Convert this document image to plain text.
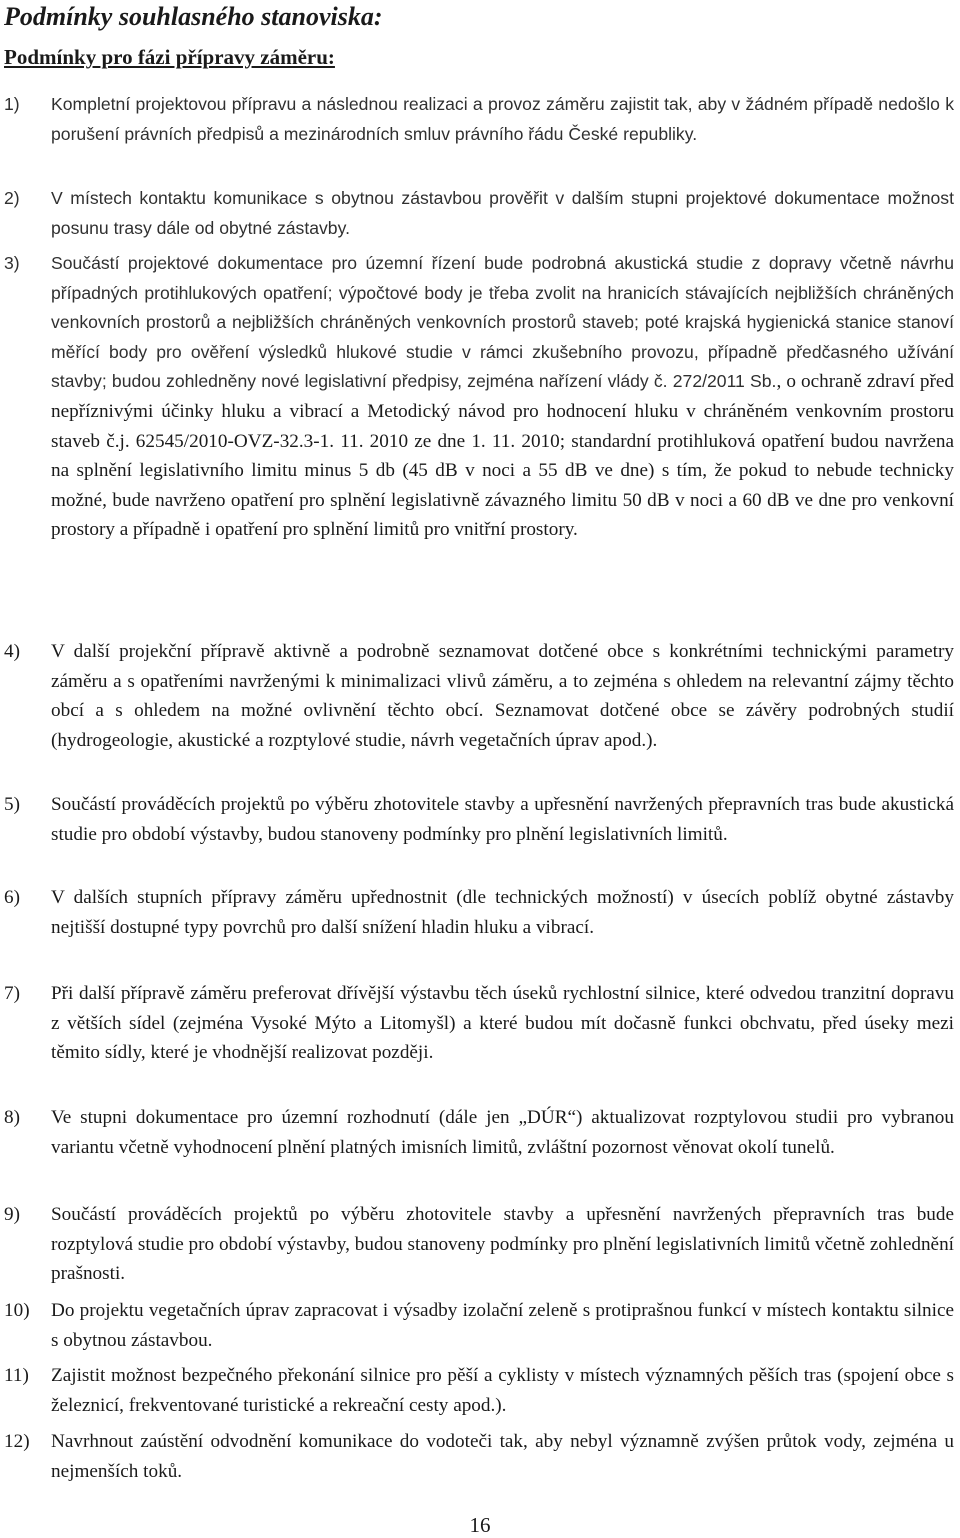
Podmínky souhlasného stanoviska:
Podmínky pro fázi přípravy záměru:
1) Kompletní projektovou přípravu a následnou realizaci a provoz záměru zajistit tak, aby v žádném případě nedošlo k porušení právních předpisů a mezinárodních smluv právního řádu České republiky.
2) V místech kontaktu komunikace s obytnou zástavbou prověřit v dalším stupni projektové dokumentace možnost posunu trasy dále od obytné zástavby.
3) Součástí projektové dokumentace pro územní řízení bude podrobná akustická studie z dopravy včetně návrhu případných protihlukových opatření; výpočtové body je třeba zvolit na hranicích stávajících nejbližších chráněných venkovních prostorů a nejbližších chráněných venkovních prostorů staveb; poté krajská hygienická stanice stanoví měřící body pro ověření výsledků hlukové studie v rámci zkušebního provozu, případně předčasného užívání stavby; budou zohledněny nové legislativní předpisy, zejména nařízení vlády č. 272/2011 Sb., o ochraně zdraví před nepříznivými účinky hluku a vibrací a Metodický návod pro hodnocení hluku v chráněném venkovním prostoru staveb č.j. 62545/2010-OVZ-32.3-1. 11. 2010 ze dne 1. 11. 2010; standardní protihluková opatření budou navržena na splnění legislativního limitu minus 5 db (45 dB v noci a 55 dB ve dne) s tím, že pokud to nebude technicky možné, bude navrženo opatření pro splnění legislativně závazného limitu 50 dB v noci a 60 dB ve dne pro venkovní prostory a případně i opatření pro splnění limitů pro vnitřní prostory.
4) V další projekční přípravě aktivně a podrobně seznamovat dotčené obce s konkrétními technickými parametry záměru a s opatřeními navrženými k minimalizaci vlivů záměru, a to zejména s ohledem na relevantní zájmy těchto obcí a s ohledem na možné ovlivnění těchto obcí. Seznamovat dotčené obce se závěry podrobných studií (hydrogeologie, akustické a rozptylové studie, návrh vegetačních úprav apod.).
5) Součástí prováděcích projektů po výběru zhotovitele stavby a upřesnění navržených přepravních tras bude akustická studie pro období výstavby, budou stanoveny podmínky pro plnění legislativních limitů.
6) V dalších stupních přípravy záměru upřednostnit (dle technických možností) v úsecích poblíž obytné zástavby nejtišší dostupné typy povrchů pro další snížení hladin hluku a vibrací.
7) Při další přípravě záměru preferovat dřívější výstavbu těch úseků rychlostní silnice, které odvedou tranzitní dopravu z větších sídel (zejména Vysoké Mýto a Litomyšl) a které budou mít dočasně funkci obchvatu, před úseky mezi těmito sídly, které je vhodnější realizovat později.
8) Ve stupni dokumentace pro územní rozhodnutí (dále jen „DÚR“) aktualizovat rozptylovou studii pro vybranou variantu včetně vyhodnocení plnění platných imisních limitů, zvláštní pozornost věnovat okolí tunelů.
9) Součástí prováděcích projektů po výběru zhotovitele stavby a upřesnění navržených přepravních tras bude rozptylová studie pro období výstavby, budou stanoveny podmínky pro plnění legislativních limitů včetně zohlednění prašnosti.
10) Do projektu vegetačních úprav zapracovat i výsadby izolační zeleně s protiprašnou funkcí v místech kontaktu silnice s obytnou zástavbou.
11) Zajistit možnost bezpečného překonání silnice pro pěší a cyklisty v místech významných pěších tras (spojení obce s železnicí, frekventované turistické a rekreační cesty apod.).
12) Navrhnout zaústění odvodnění komunikace do vodoteči tak, aby nebyl významně zvýšen průtok vody, zejména u nejmenších toků.
16
